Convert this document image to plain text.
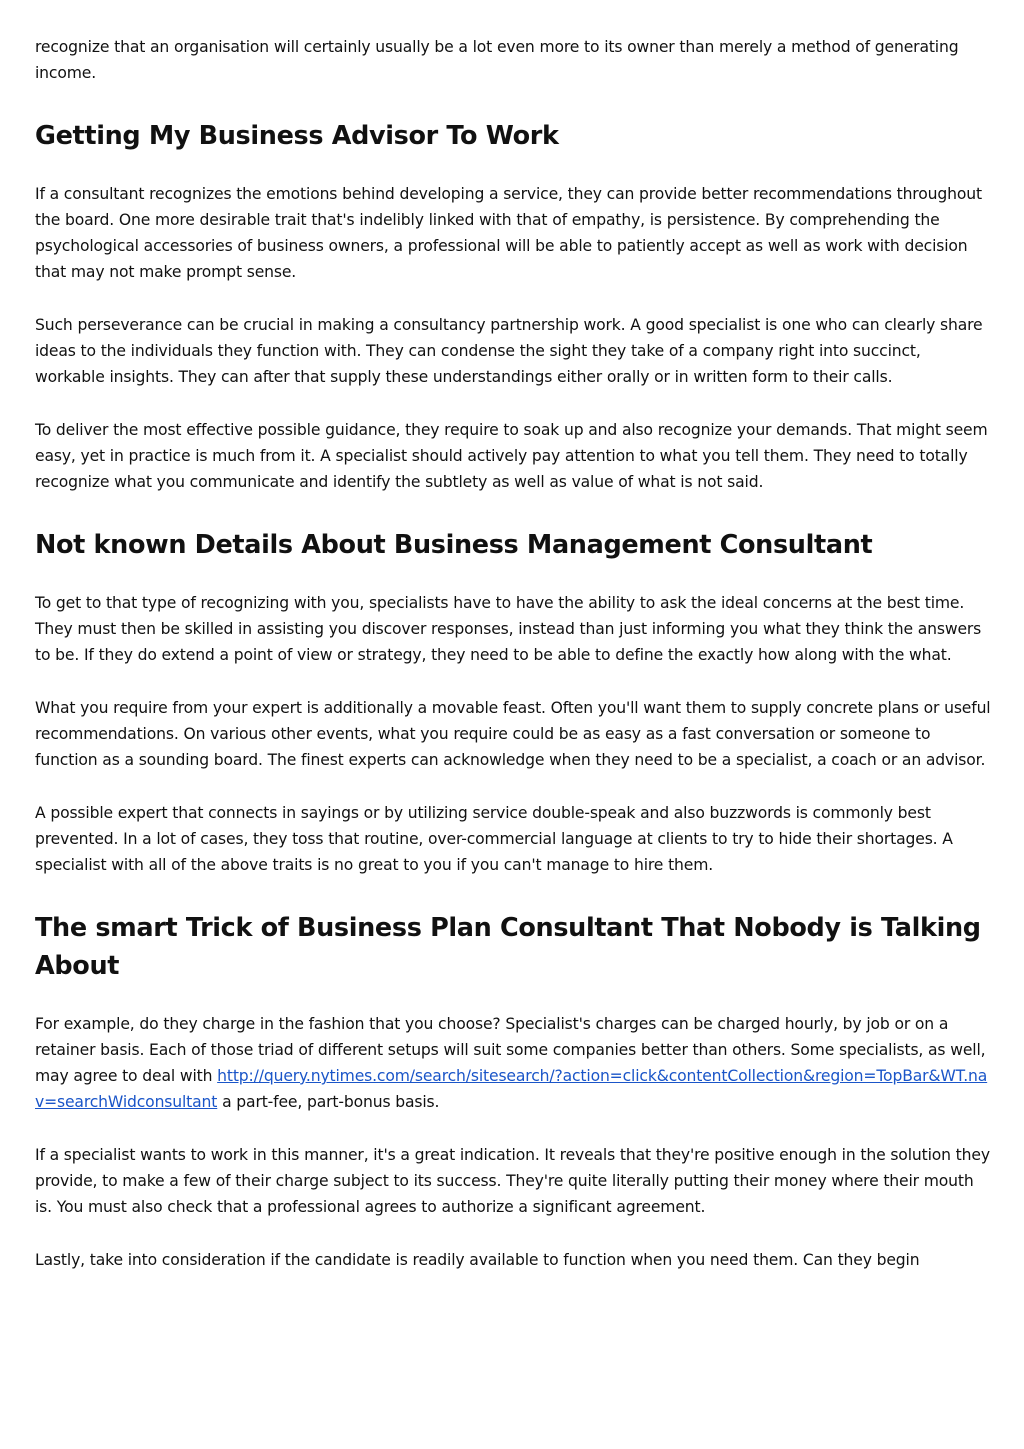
recognize that an organisation will certainly usually be a lot even more to its owner than merely a method of generating income.

Getting My Business Advisor To Work

If a consultant recognizes the emotions behind developing a service, they can provide better recommendations throughout the board. One more desirable trait that's indelibly linked with that of empathy, is persistence. By comprehending the psychological accessories of business owners, a professional will be able to patiently accept as well as work with decision that may not make prompt sense.

Such perseverance can be crucial in making a consultancy partnership work. A good specialist is one who can clearly share ideas to the individuals they function with. They can condense the sight they take of a company right into succinct, workable insights. They can after that supply these understandings either orally or in written form to their calls.

To deliver the most effective possible guidance, they require to soak up and also recognize your demands. That might seem easy, yet in practice is much from it. A specialist should actively pay attention to what you tell them. They need to totally recognize what you communicate and identify the subtlety as well as value of what is not said.

Not known Details About Business Management Consultant

To get to that type of recognizing with you, specialists have to have the ability to ask the ideal concerns at the best time. They must then be skilled in assisting you discover responses, instead than just informing you what they think the answers to be. If they do extend a point of view or strategy, they need to be able to define the exactly how along with the what.

What you require from your expert is additionally a movable feast. Often you'll want them to supply concrete plans or useful recommendations. On various other events, what you require could be as easy as a fast conversation or someone to function as a sounding board. The finest experts can acknowledge when they need to be a specialist, a coach or an advisor.

A possible expert that connects in sayings or by utilizing service double-speak and also buzzwords is commonly best prevented. In a lot of cases, they toss that routine, over-commercial language at clients to try to hide their shortages. A specialist with all of the above traits is no great to you if you can't manage to hire them.

The smart Trick of Business Plan Consultant That Nobody is Talking About

For example, do they charge in the fashion that you choose? Specialist's charges can be charged hourly, by job or on a retainer basis. Each of those triad of different setups will suit some companies better than others. Some specialists, as well, may agree to deal with http://query.nytimes.com/search/sitesearch/?action=click&contentCollection&region=TopBar&WT.nav=searchWidconsultant a part-fee, part-bonus basis.

If a specialist wants to work in this manner, it's a great indication. It reveals that they're positive enough in the solution they provide, to make a few of their charge subject to its success. They're quite literally putting their money where their mouth is. You must also check that a professional agrees to authorize a significant agreement.

Lastly, take into consideration if the candidate is readily available to function when you need them. Can they begin
